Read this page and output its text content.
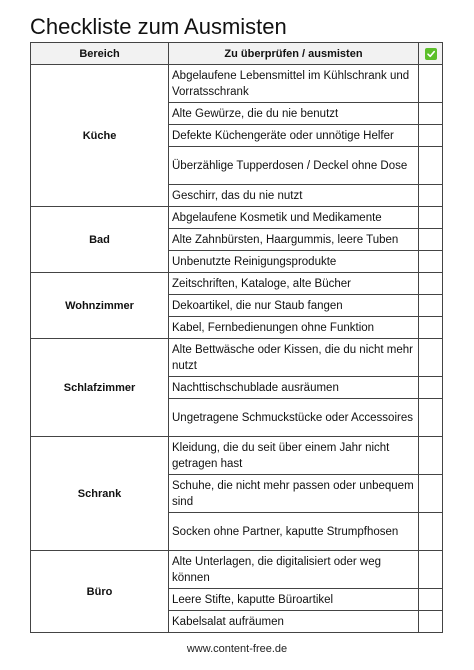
Checkliste zum Ausmisten
Bereich	Zu überprüfen / ausmisten	

Küche	Abgelaufene Lebensmittel im Kühlschrank und Vorratsschrank	
	Alte Gewürze, die du nie benutzt	
	Defekte Küchengeräte oder unnötige Helfer	
	Überzählige Tupperdosen / Deckel ohne Dose	
	Geschirr, das du nie nutzt	
Bad	Abgelaufene Kosmetik und Medikamente	
	Alte Zahnbürsten, Haargummis, leere Tuben	
	Unbenutzte Reinigungsprodukte	
Wohnzimmer	Zeitschriften, Kataloge, alte Bücher	
	Dekoartikel, die nur Staub fangen	
	Kabel, Fernbedienungen ohne Funktion	
Schlafzimmer	Alte Bettwäsche oder Kissen, die du nicht mehr nutzt	
	Nachttischschublade ausräumen	
	Ungetragene Schmuckstücke oder Accessoires	
Schrank	Kleidung, die du seit über einem Jahr nicht getragen hast	
	Schuhe, die nicht mehr passen oder unbequem sind	
	Socken ohne Partner, kaputte Strumpfhosen	
Büro	Alte Unterlagen, die digitalisiert oder weg können	
	Leere Stifte, kaputte Büroartikel	
	Kabelsalat aufräumen	
www.content-free.de
